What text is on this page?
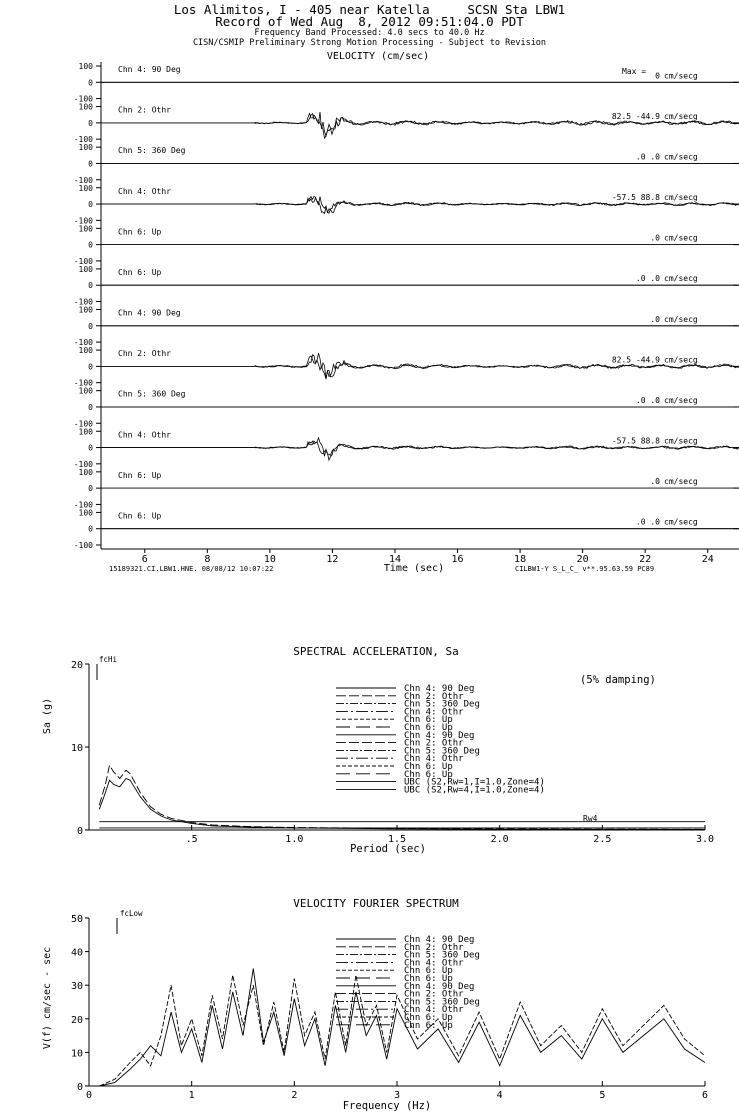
Los Alimitos, I - 405 near Katella     SCSN Sta LBW1
Record of Wed Aug  8, 2012 09:51:04.0 PDT
Frequency Band Processed: 4.0 secs to 40.0 Hz
CISN/CSMIP Preliminary Strong Motion Processing - Subject to Revision
VELOCITY (cm/sec)
Max =
Time (sec)
15189321.CI.LBW1.HNE. 08/08/12 10:07:22	CILBW1-Y S_L_C_ v**.95.63.59 PC89
100
0
-100
Chn 4: 90 Deg
0 cm/secg
100
0
-100
Chn 2: Othr
82.5 -44.9 cm/secg
100
0
-100
Chn 5: 360 Deg
.0 .0 cm/secg
100
0
-100
Chn 4: Othr
-57.5 88.8 cm/secg
100
0
-100
Chn 6: Up
.0 cm/secg
100
0
-100
Chn 6: Up
.0 .0 cm/secg
100
0
-100
Chn 4: 90 Deg
.0 cm/secg
100
0
-100
Chn 2: Othr
82.5 -44.9 cm/secg
100
0
-100
Chn 5: 360 Deg
.0 .0 cm/secg
100
0
-100
Chn 4: Othr
-57.5 88.8 cm/secg
100
0
-100
Chn 6: Up
.0 cm/secg
100
0
-100
Chn 6: Up
.0 .0 cm/secg
6	8	10	12	14	16	18	20	22	24
SPECTRAL ACCELERATION, Sa
(5% damping)
fcHi
Rw4
Period (sec)
Sa (g)
20
10
0
.5	1.0	1.5	2.0	2.5	3.0
Chn 4: 90 Deg
Chn 2: Othr
Chn 5: 360 Deg
Chn 4: Othr
Chn 6: Up
Chn 6: Up
Chn 4: 90 Deg
Chn 2: Othr
Chn 5: 360 Deg
Chn 4: Othr
Chn 6: Up
Chn 6: Up
UBC (S2,Rw=1,I=1.0,Zone=4)
UBC (S2,Rw=4,I=1.0,Zone=4)
VELOCITY FOURIER SPECTRUM
fcLow
Frequency (Hz)
V(f) cm/sec - sec
50
40
30
20
10
0
0	1	2	3	4	5	6
Chn 4: 90 Deg
Chn 2: Othr
Chn 5: 360 Deg
Chn 4: Othr
Chn 6: Up
Chn 6: Up
Chn 4: 90 Deg
Chn 2: Othr
Chn 5: 360 Deg
Chn 4: Othr
Chn 6: Up
Chn 6: Up
